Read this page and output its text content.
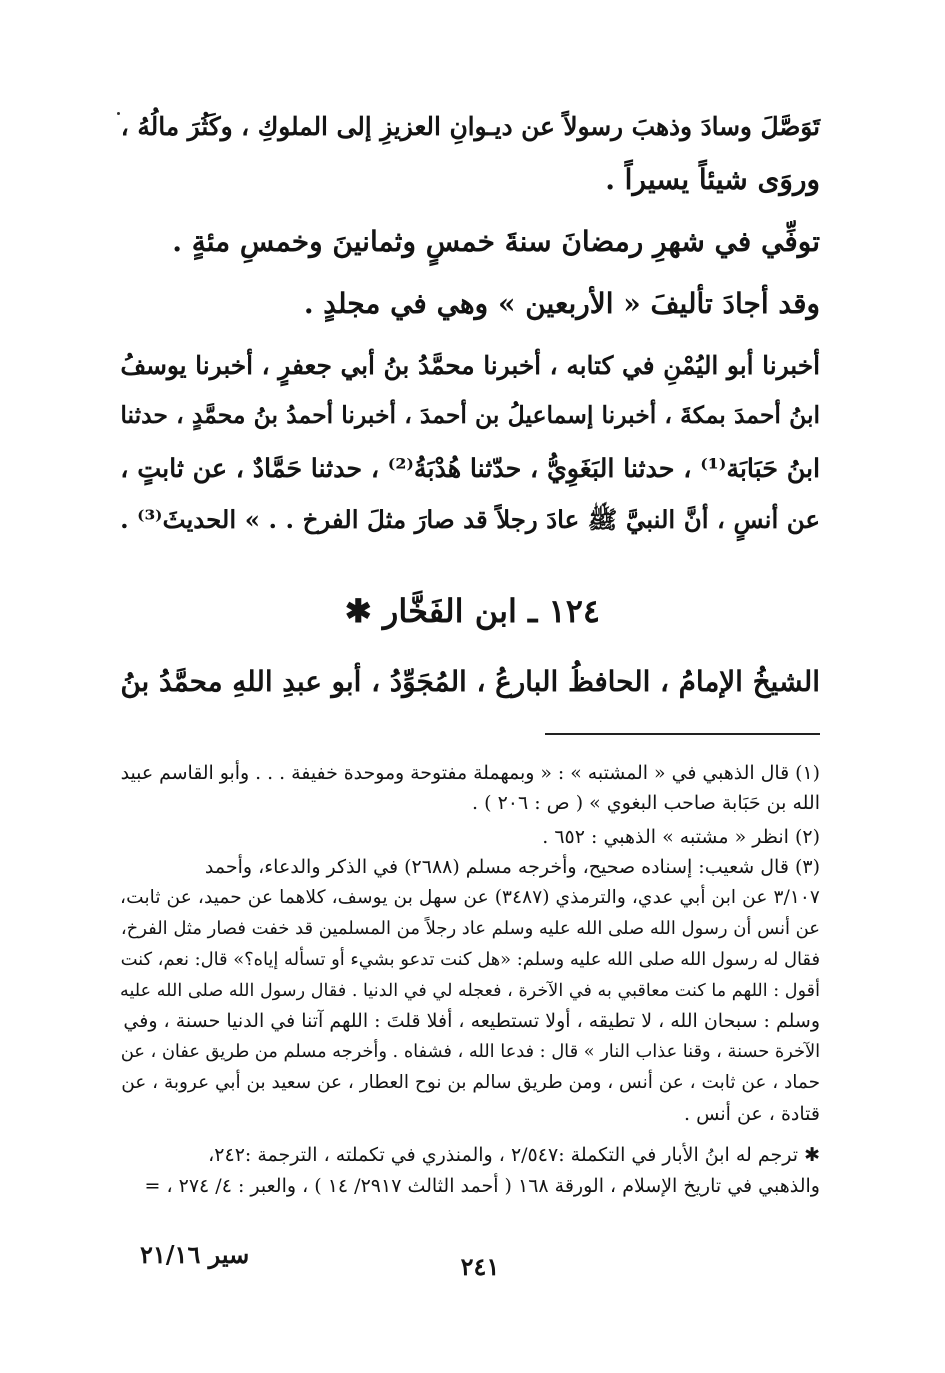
تَوَصَّلَ وسادَ وذهبَ رسولاً عن ديـوانِ العزيزِ إلى الملوكِ ، وكَثُرَ مالُهُ ،
وروَى شيئاً يسيراً .
توفِّي في شهرِ رمضانَ سنةَ خمسٍ وثمانينَ وخمسِ مئةٍ .
وقد أجادَ تأليفَ « الأربعين » وهي في مجلدٍ .
أخبرنا أبو اليُمْنِ في كتابه ، أخبرنا محمَّدُ بنُ أبي جعفرٍ ، أخبرنا يوسفُ
ابنُ أحمدَ بمكةَ ، أخبرنا إسماعيلُ بن أحمدَ ، أخبرنا أحمدُ بنُ محمَّدٍ ، حدثنا
ابنُ حَبَابَة⁽¹⁾ ، حدثنا البَغَوِيُّ ، حدّثنا هُدْبَةُ⁽²⁾ ، حدثنا حَمَّادٌ ، عن ثابتٍ ،
عن أنسٍ ، أنَّ النبيَّ ﷺ عادَ رجلاً قد صارَ مثلَ الفرخ . . » الحديثَ⁽³⁾ .
١٢٤ ـ ابن الفَخَّار ✱
الشيخُ الإمامُ ، الحافظُ البارعُ ، المُجَوِّدُ ، أبو عبدِ اللهِ محمَّدُ بنُ
(١) قال الذهبي في « المشتبه » : « وبمهملة مفتوحة وموحدة خفيفة . . . وأبو القاسم عبيد
الله بن حَبَابة صاحب البغوي » ( ص : ٢٠٦ ) .
(٢) انظر « مشتبه » الذهبي : ٦٥٢ .
(٣) قال شعيب: إسناده صحيح، وأخرجه مسلم (٢٦٨٨) في الذكر والدعاء، وأحمد
٣/١٠٧ عن ابن أبي عدي، والترمذي (٣٤٨٧) عن سهل بن يوسف، كلاهما عن حميد، عن ثابت،
عن أنس أن رسول الله صلى الله عليه وسلم عاد رجلاً من المسلمين قد خفت فصار مثل الفرخ،
فقال له رسول الله صلى الله عليه وسلم: «هل كنت تدعو بشيء أو تسأله إياه؟» قال: نعم، كنت
أقول : اللهم ما كنت معاقبي به في الآخرة ، فعجله لي في الدنيا . فقال رسول الله صلى الله عليه
وسلم : سبحان الله ، لا تطيقه ، أولا تستطيعه ، أفلا قلتَ : اللهم آتنا في الدنيا حسنة ، وفي
الآخرة حسنة ، وقنا عذاب النار » قال : فدعا الله ، فشفاه . وأخرجه مسلم من طريق عفان ، عن
حماد ، عن ثابت ، عن أنس ، ومن طريق سالم بن نوح العطار ، عن سعيد بن أبي عروبة ، عن
قتادة ، عن أنس .
✱ ترجم له ابنُ الأبار في التكملة :٢/٥٤٧ ، والمنذري في تكملته ، الترجمة :٢٤٢،
والذهبي في تاريخ الإسلام ، الورقة ١٦٨ ( أحمد الثالث ٢٩١٧/ ١٤ ) ، والعبر : ٤/ ٢٧٤ ، =
٢٤١
سير ٢١/١٦
